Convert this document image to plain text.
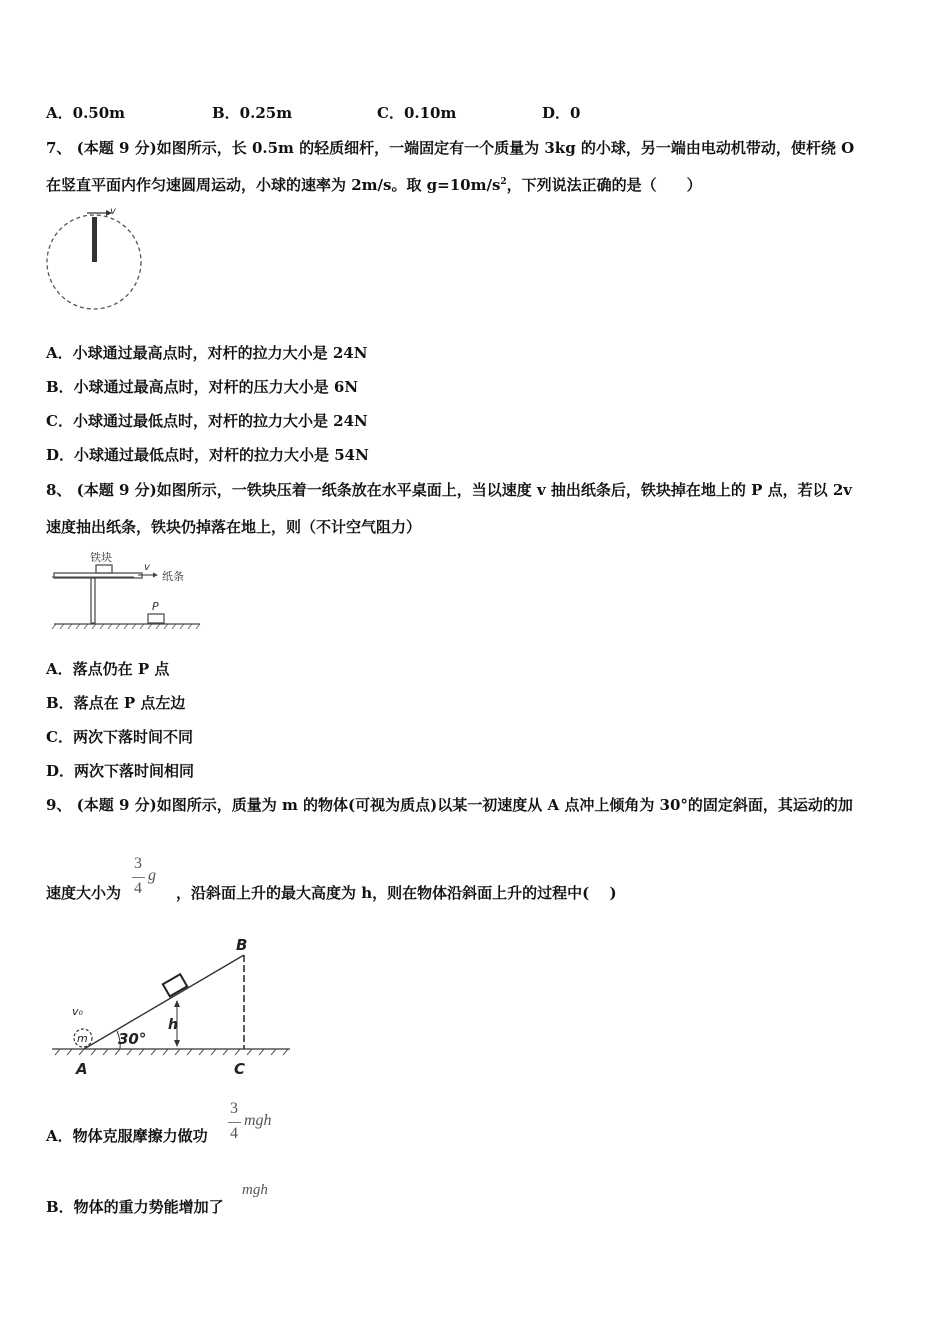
A．0.50m	B．0.25m	C．0.10m	D．0
7、 (本题 9 分)如图所示，长 0.5m 的轻质细杆，一端固定有一个质量为 3kg 的小球，另一端由电动机带动，使杆绕 O
在竖直平面内作匀速圆周运动，小球的速率为 2m/s。取 $g=10m/s^2$，下列说法正确的是（　　）
v
A．小球通过最高点时，对杆的拉力大小是 24N
B．小球通过最高点时，对杆的压力大小是 6N
C．小球通过最低点时，对杆的拉力大小是 24N
D．小球通过最低点时，对杆的拉力大小是 54N
8、 (本题 9 分)如图所示，一铁块压着一纸条放在水平桌面上，当以速度 v 抽出纸条后，铁块掉在地上的 P 点，若以 2v
速度抽出纸条，铁块仍掉落在地上，则（不计空气阻力）
铁块
v
纸条
P
A．落点仍在 P 点
B．落点在 P 点左边
C．两次下落时间不同
D．两次下落时间相同
9、 (本题 9 分)如图所示，质量为 m 的物体(可视为质点)以某一初速度从 A 点冲上倾角为 30°的固定斜面，其运动的加
速度大小为
3
4
g
，沿斜面上升的最大高度为 h，则在物体沿斜面上升的过程中(　 )
h
30°
B
A	C
v₀
m
A．物体克服摩擦力做功
3
4
mgh
B．物体的重力势能增加了
mgh
